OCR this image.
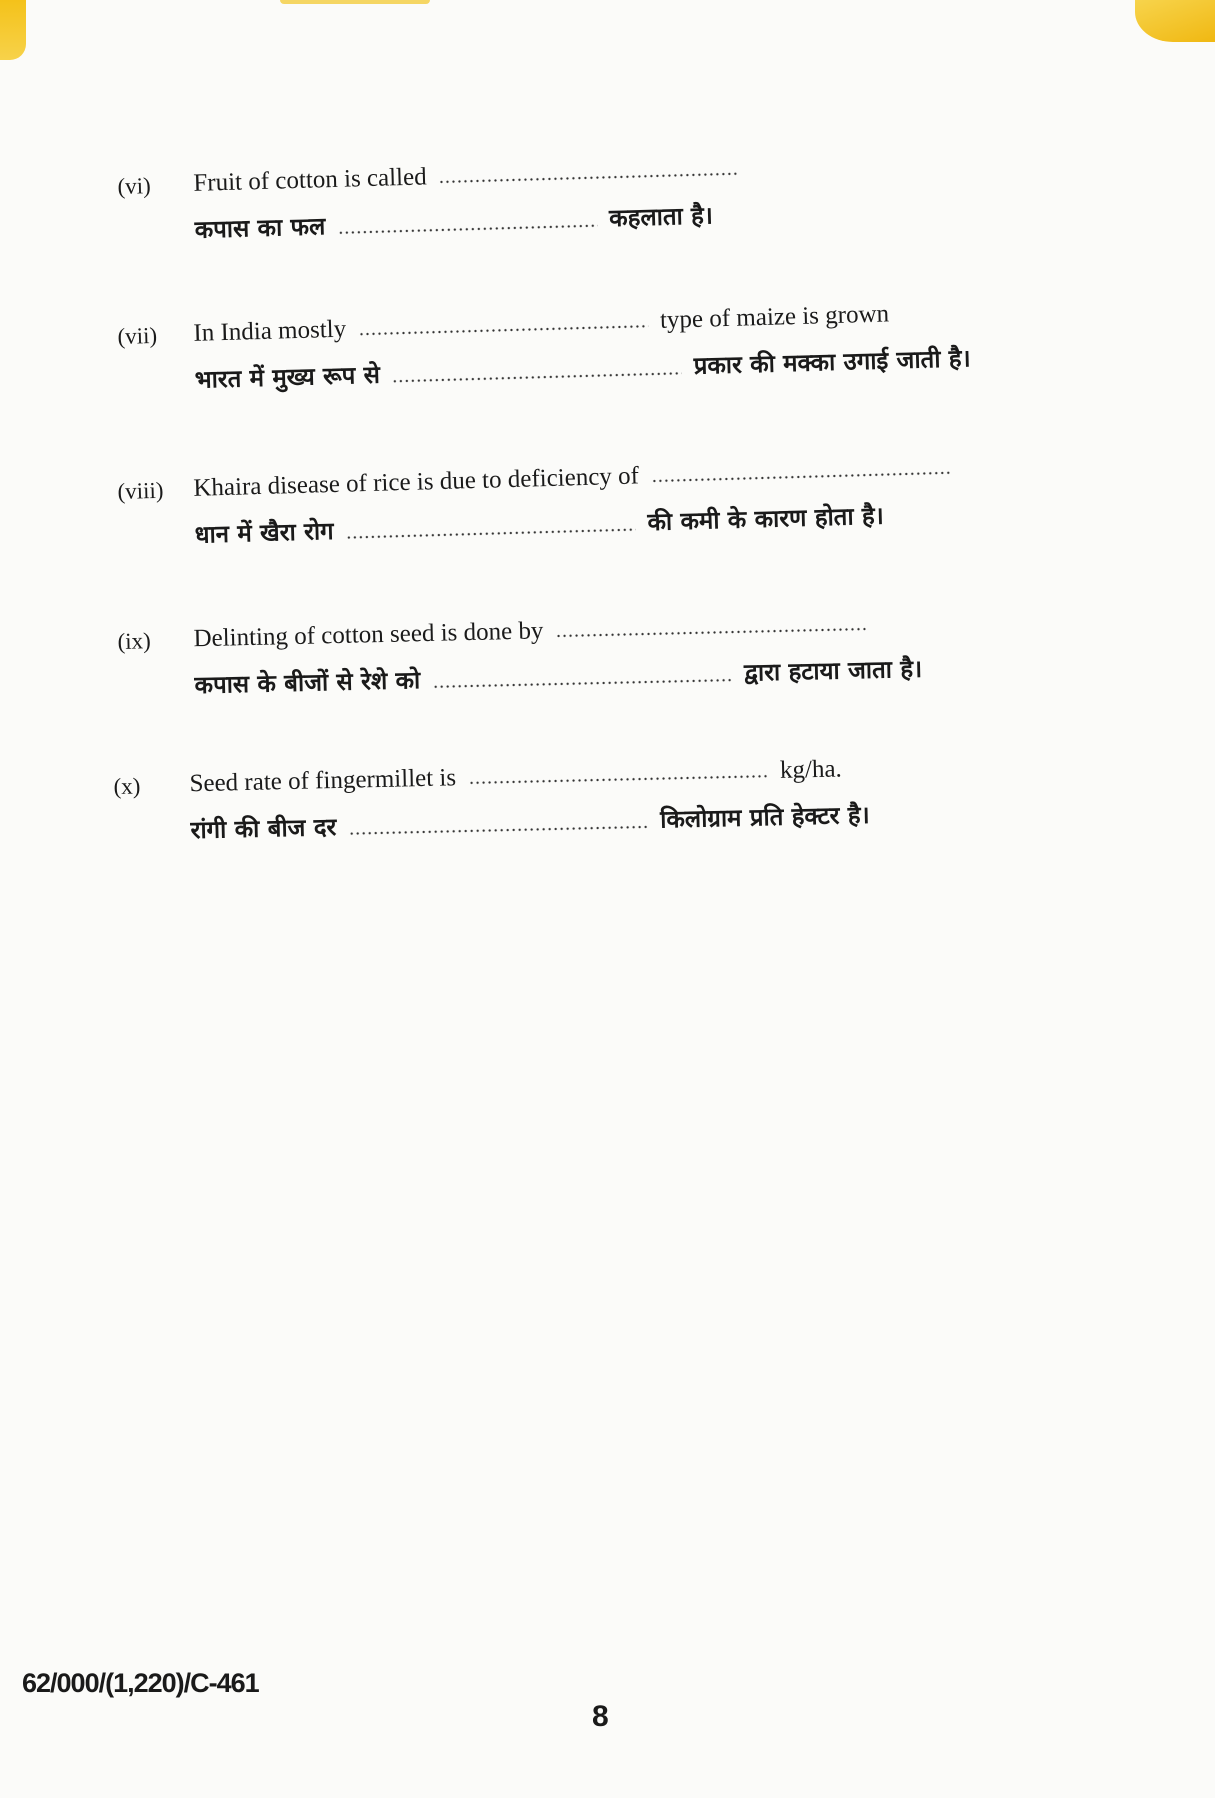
(vi) Fruit of cotton is called
कपास का फल	कहलाता है।
(vii) In India mostly	type of maize is grown
भारत में मुख्य रूप से	प्रकार की मक्का उगाई जाती है।
(viii) Khaira disease of rice is due to deficiency of
धान में खैरा रोग	की कमी के कारण होता है।
(ix) Delinting of cotton seed is done by
कपास के बीजों से रेशे को	द्वारा हटाया जाता है।
(x) Seed rate of fingermillet is	kg/ha.
रांगी की बीज दर	किलोग्राम प्रति हेक्टर है।
62/000/(1,220)/C-461
8
